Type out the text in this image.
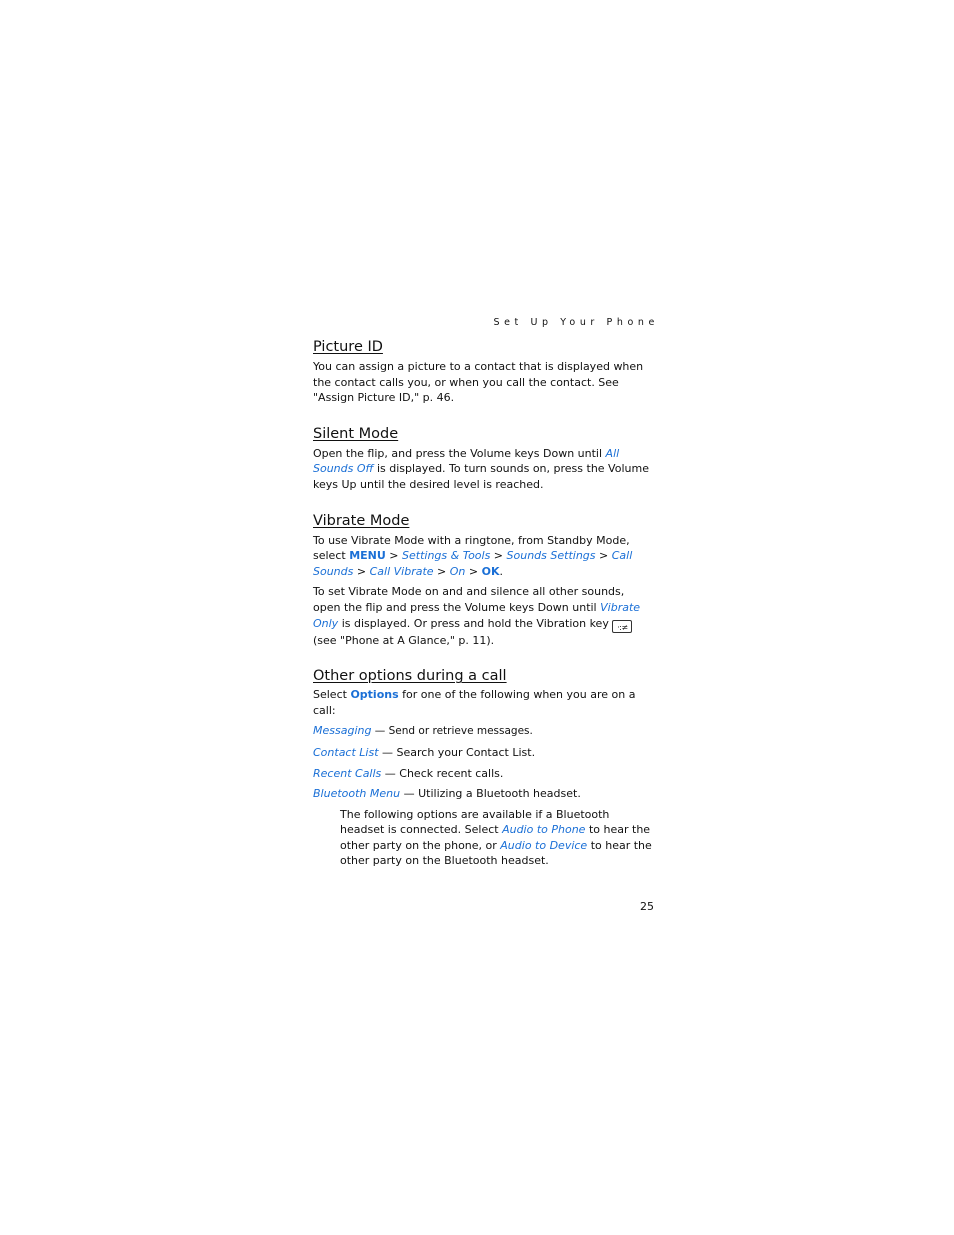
Set Up Your Phone
Picture ID

You can assign a picture to a contact that is displayed when the contact calls you, or when you call the contact. See "Assign Picture ID," p. 46.

Silent Mode

Open the flip, and press the Volume keys Down until All Sounds Off is displayed. To turn sounds on, press the Volume keys Up until the desired level is reached.

Vibrate Mode

To use Vibrate Mode with a ringtone, from Standby Mode, select MENU > Settings & Tools > Sounds Settings > Call Sounds > Call Vibrate > On > OK.

To set Vibrate Mode on and and silence all other sounds, open the flip and press the Volume keys Down until Vibrate Only is displayed. Or press and hold the Vibration key ·:≠ (see "Phone at A Glance," p. 11).

Other options during a call

Select Options for one of the following when you are on a call:

Messaging — Send or retrieve messages.

Contact List — Search your Contact List.

Recent Calls — Check recent calls.

Bluetooth Menu — Utilizing a Bluetooth headset.

The following options are available if a Bluetooth headset is connected. Select Audio to Phone to hear the other party on the phone, or Audio to Device to hear the other party on the Bluetooth headset.

25
